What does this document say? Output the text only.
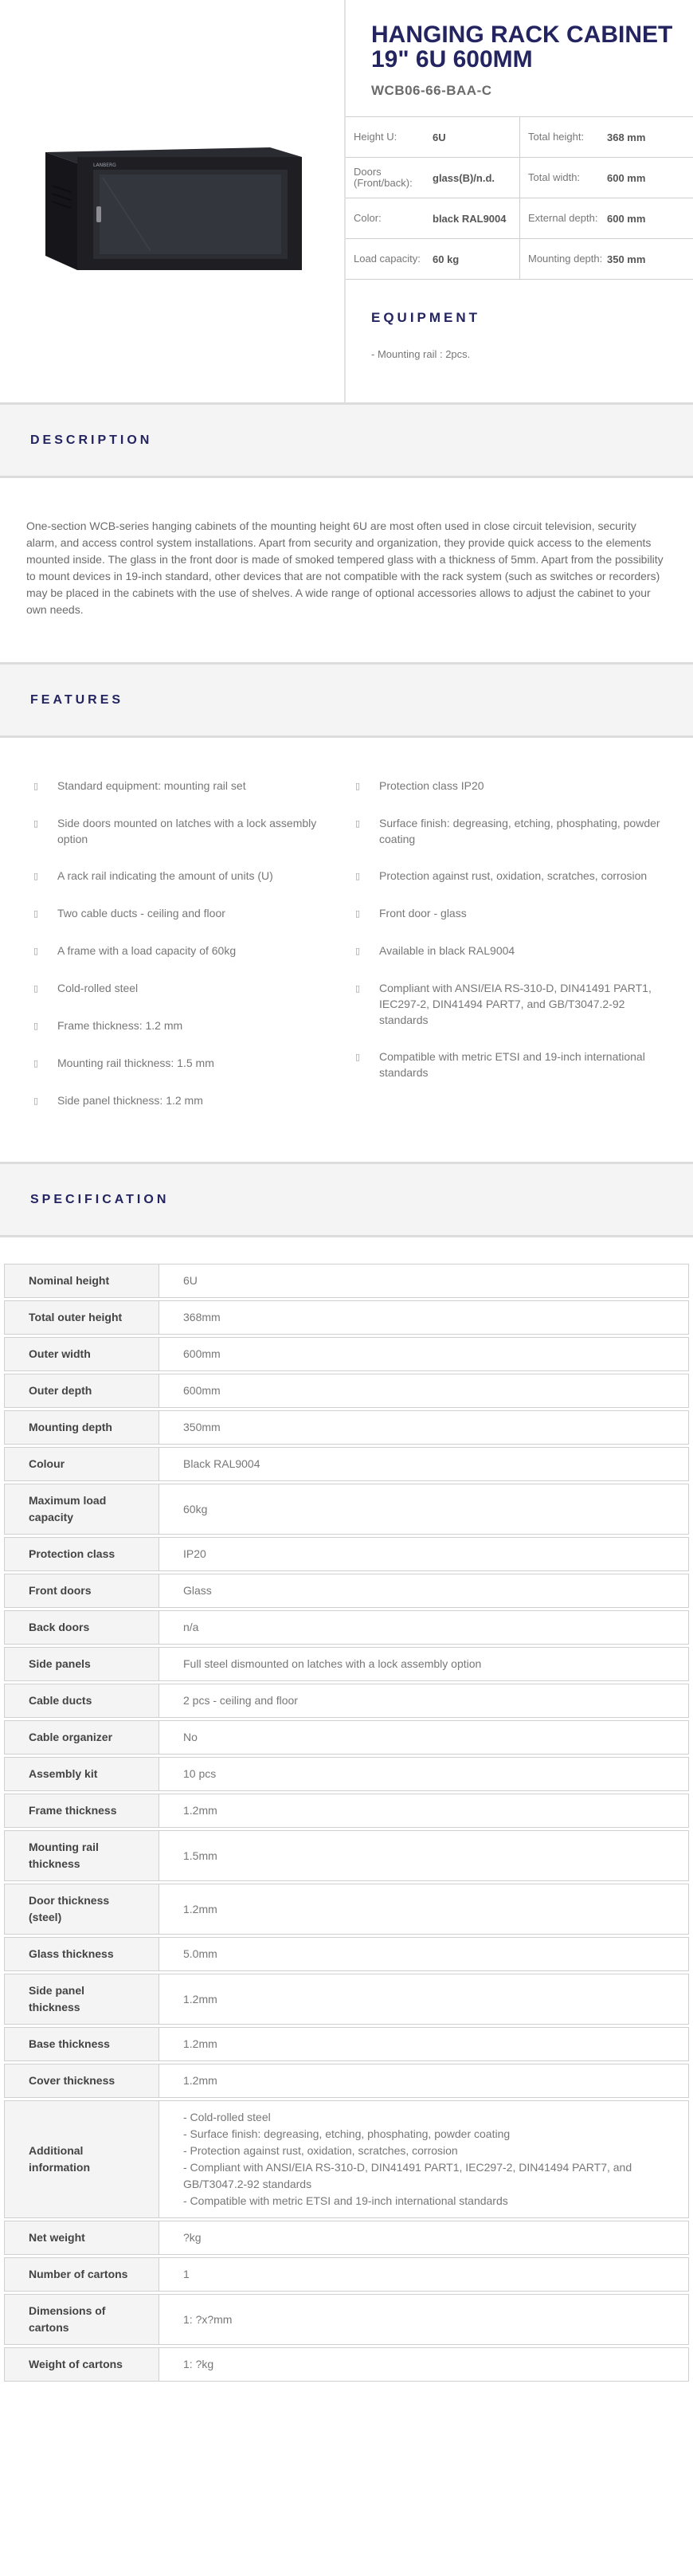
LANBERG
HANGING RACK CABINET 19" 6U 600MM
WCB06-66-BAA-C
Height U:	6U	Total height:	368 mm
Doors (Front/back):	glass(B)/n.d.	Total width:	600 mm
Color:	black RAL9004	External depth: 600 mm
Load capacity:	60 kg	Mounting depth: 350 mm
EQUIPMENT
- Mounting rail : 2pcs.
DESCRIPTION
One-section WCB-series hanging cabinets of the mounting height 6U are most often used in close circuit television, security alarm, and access control system installations. Apart from security and organization, they provide quick access to the elements mounted inside. The glass in the front door is made of smoked tempered glass with a thickness of 5mm. Apart from the possibility to mount devices in 19-inch standard, other devices that are not compatible with the rack system (such as switches or recorders) may be placed in the cabinets with the use of shelves. A wide range of optional accessories allows to adjust the cabinet to your own needs.
FEATURES
▯	Standard equipment: mounting rail set
▯	Side doors mounted on latches with a lock assembly option
▯	A rack rail indicating the amount of units (U)
▯	Two cable ducts - ceiling and floor
▯	A frame with a load capacity of 60kg
▯	Cold-rolled steel
▯	Frame thickness: 1.2 mm
▯	Mounting rail thickness: 1.5 mm
▯	Side panel thickness: 1.2 mm
▯	Protection class IP20
▯	Surface finish: degreasing, etching, phosphating, powder coating
▯	Protection against rust, oxidation, scratches, corrosion
▯	Front door - glass
▯	Available in black RAL9004
▯	Compliant with ANSI/EIA RS-310-D, DIN41491 PART1, IEC297-2, DIN41494 PART7, and GB/T3047.2-92 standards
▯	Compatible with metric ETSI and 19-inch international standards
SPECIFICATION
Nominal height	6U
Total outer height	368mm
Outer width	600mm
Outer depth	600mm
Mounting depth	350mm
Colour	Black RAL9004
Maximum load capacity	60kg
Protection class	IP20
Front doors	Glass
Back doors	n/a
Side panels	Full steel dismounted on latches with a lock assembly option
Cable ducts	2 pcs - ceiling and floor
Cable organizer	No
Assembly kit	10 pcs
Frame thickness	1.2mm
Mounting rail thickness	1.5mm
Door thickness (steel)	1.2mm
Glass thickness	5.0mm
Side panel thickness	1.2mm
Base thickness	1.2mm
Cover thickness	1.2mm
Additional information	- Cold-rolled steel
- Surface finish: degreasing, etching, phosphating, powder coating
- Protection against rust, oxidation, scratches, corrosion
- Compliant with ANSI/EIA RS-310-D, DIN41491 PART1, IEC297-2, DIN41494 PART7, and GB/T3047.2-92 standards
- Compatible with metric ETSI and 19-inch international standards

Net weight	?kg
Number of cartons	1
Dimensions of cartons	1: ?x?mm
Weight of cartons	1: ?kg
